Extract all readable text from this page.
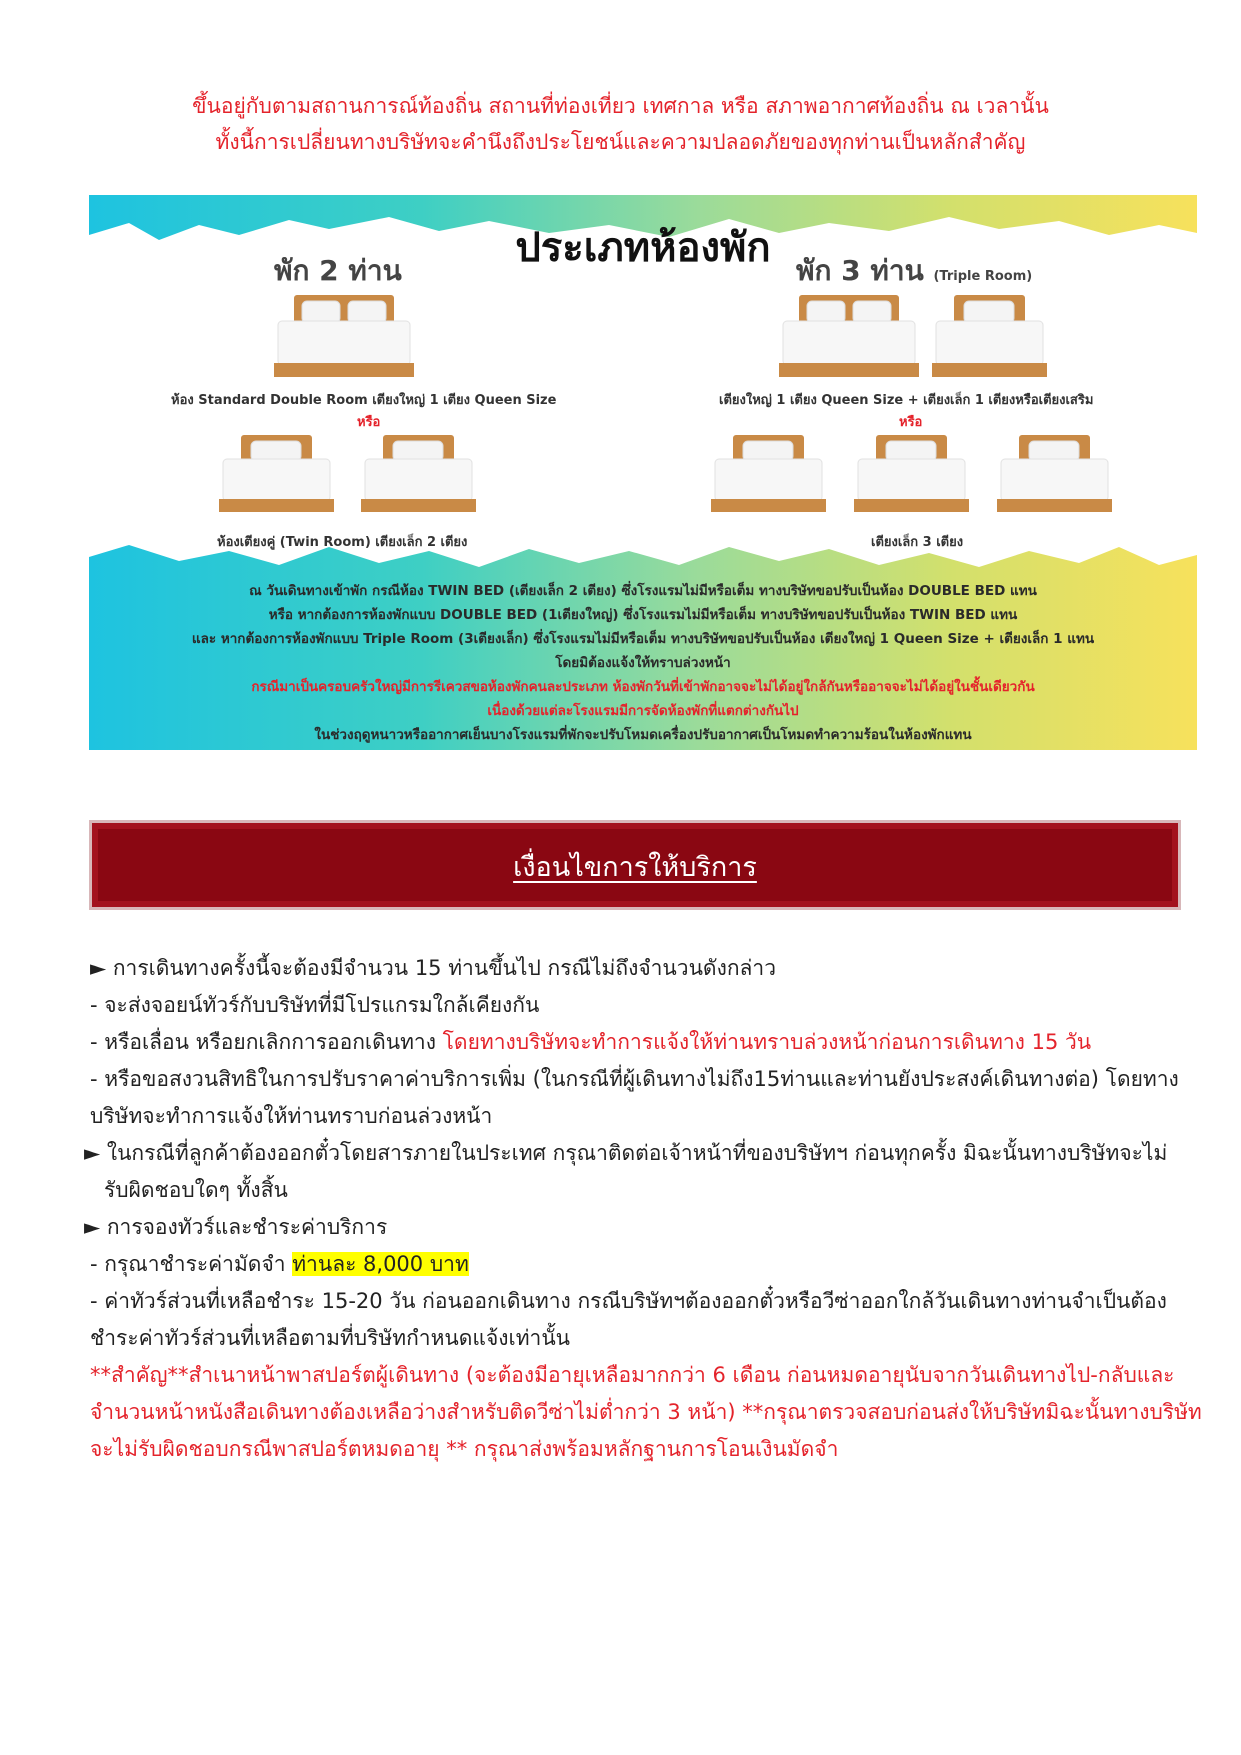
ขึ้นอยู่กับตามสถานการณ์ท้องถิ่น สถานที่ท่องเที่ยว เทศกาล หรือ สภาพอากาศท้องถิ่น ณ เวลานั้น
ทั้งนี้การเปลี่ยนทางบริษัทจะคำนึงถึงประโยชน์และความปลอดภัยของทุกท่านเป็นหลักสำคัญ
ประเภทห้องพัก
พัก 2 ท่าน	พัก 3 ท่าน (Triple Room)
ห้อง Standard Double Room เตียงใหญ่ 1 เตียง Queen Size
หรือ
ห้องเตียงคู่ (Twin Room) เตียงเล็ก 2 เตียง
เตียงใหญ่ 1 เตียง Queen Size + เตียงเล็ก 1 เตียงหรือเตียงเสริม
หรือ
เตียงเล็ก 3 เตียง
ณ วันเดินทางเข้าพัก กรณีห้อง TWIN BED (เตียงเล็ก 2 เตียง) ซึ่งโรงแรมไม่มีหรือเต็ม ทางบริษัทขอปรับเป็นห้อง DOUBLE BED แทน
หรือ หากต้องการห้องพักแบบ DOUBLE BED (1เตียงใหญ่) ซึ่งโรงแรมไม่มีหรือเต็ม ทางบริษัทขอปรับเป็นห้อง TWIN BED แทน
และ หากต้องการห้องพักแบบ Triple Room (3เตียงเล็ก) ซึ่งโรงแรมไม่มีหรือเต็ม ทางบริษัทขอปรับเป็นห้อง เตียงใหญ่ 1 Queen Size + เตียงเล็ก 1 แทน
โดยมิต้องแจ้งให้ทราบล่วงหน้า
กรณีมาเป็นครอบครัวใหญ่มีการรีเควสขอห้องพักคนละประเภท ห้องพักวันที่เข้าพักอาจจะไม่ได้อยู่ใกล้กันหรืออาจจะไม่ได้อยู่ในชั้นเดียวกัน
เนื่องด้วยแต่ละโรงแรมมีการจัดห้องพักที่แตกต่างกันไป
ในช่วงฤดูหนาวหรืออากาศเย็นบางโรงแรมที่พักจะปรับโหมดเครื่องปรับอากาศเป็นโหมดทำความร้อนในห้องพักแทน
เงื่อนไขการให้บริการ
► การเดินทางครั้งนี้จะต้องมีจำนวน 15 ท่านขึ้นไป กรณีไม่ถึงจำนวนดังกล่าว
- จะส่งจอยน์ทัวร์กับบริษัทที่มีโปรแกรมใกล้เคียงกัน
- หรือเลื่อน หรือยกเลิกการออกเดินทาง โดยทางบริษัทจะทำการแจ้งให้ท่านทราบล่วงหน้าก่อนการเดินทาง 15 วัน
- หรือขอสงวนสิทธิในการปรับราคาค่าบริการเพิ่ม (ในกรณีที่ผู้เดินทางไม่ถึง15ท่านและท่านยังประสงค์เดินทางต่อ) โดยทาง
บริษัทจะทำการแจ้งให้ท่านทราบก่อนล่วงหน้า
► ในกรณีที่ลูกค้าต้องออกตั๋วโดยสารภายในประเทศ กรุณาติดต่อเจ้าหน้าที่ของบริษัทฯ ก่อนทุกครั้ง มิฉะนั้นทางบริษัทจะไม่
รับผิดชอบใดๆ ทั้งสิ้น
► การจองทัวร์และชำระค่าบริการ
- กรุณาชำระค่ามัดจำ ท่านละ 8,000 บาท
- ค่าทัวร์ส่วนที่เหลือชำระ 15-20 วัน ก่อนออกเดินทาง กรณีบริษัทฯต้องออกตั๋วหรือวีซ่าออกใกล้วันเดินทางท่านจำเป็นต้อง
ชำระค่าทัวร์ส่วนที่เหลือตามที่บริษัทกำหนดแจ้งเท่านั้น
**สำคัญ**สำเนาหน้าพาสปอร์ตผู้เดินทาง (จะต้องมีอายุเหลือมากกว่า 6 เดือน ก่อนหมดอายุนับจากวันเดินทางไป-กลับและ
จำนวนหน้าหนังสือเดินทางต้องเหลือว่างสำหรับติดวีซ่าไม่ต่ำกว่า 3 หน้า) **กรุณาตรวจสอบก่อนส่งให้บริษัทมิฉะนั้นทางบริษัท
จะไม่รับผิดชอบกรณีพาสปอร์ตหมดอายุ ** กรุณาส่งพร้อมหลักฐานการโอนเงินมัดจำ
